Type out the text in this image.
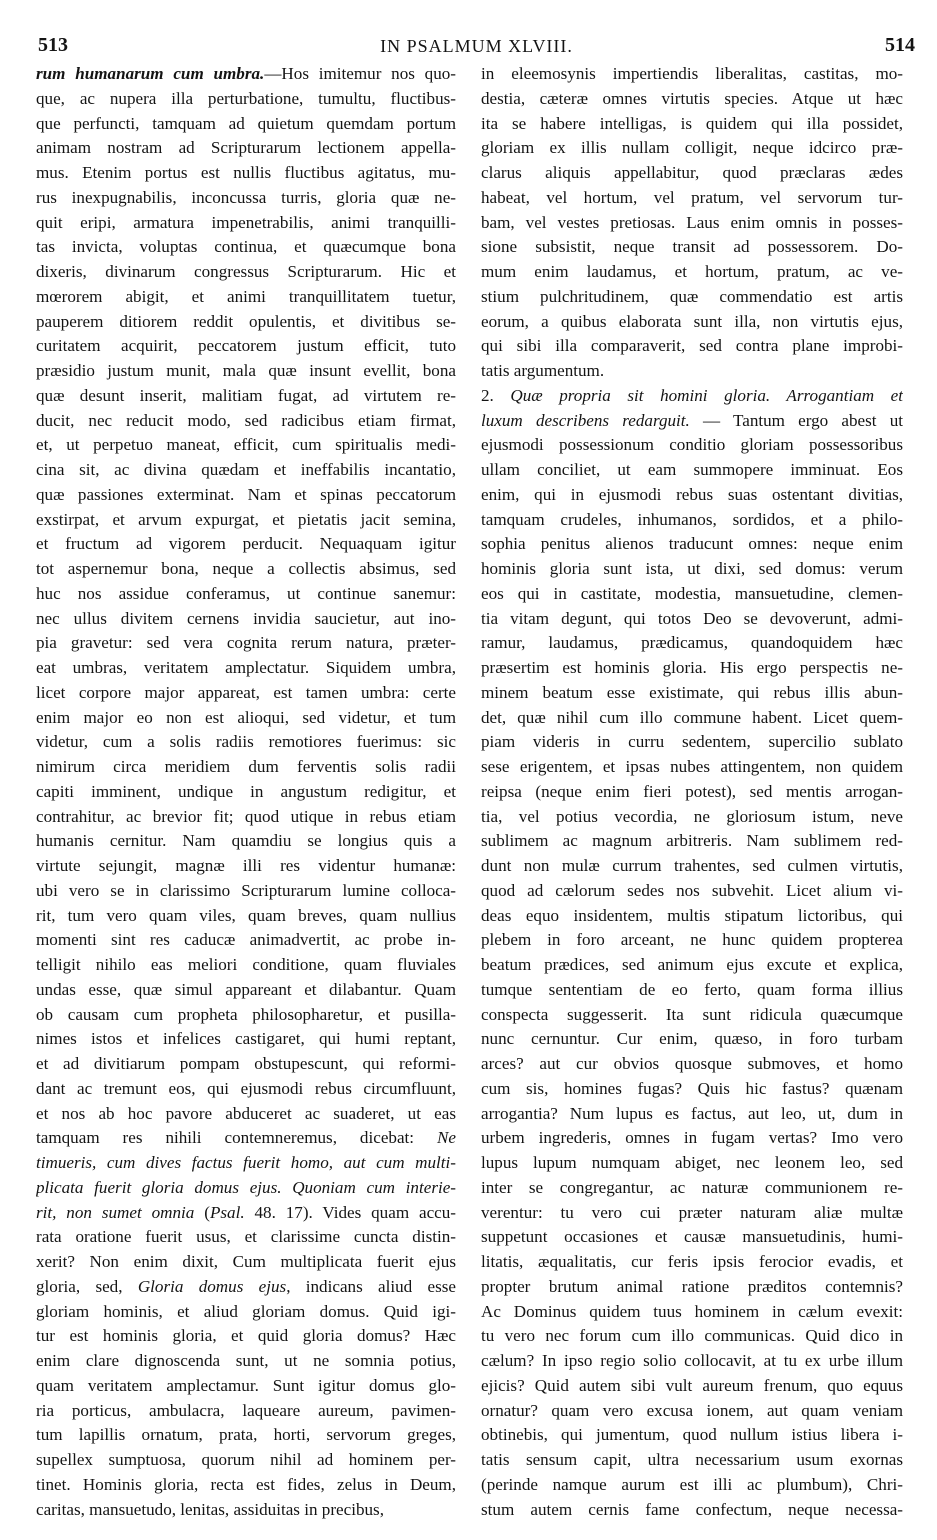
513	IN PSALMUM XLVIII.	514
rum humanarum cum umbra.—Hos imitemur nos quo-
que, ac nupera illa perturbatione, tumultu, fluctibus-
que perfuncti, tamquam ad quietum quemdam portum
animam nostram ad Scripturarum lectionem appella-
mus. Etenim portus est nullis fluctibus agitatus, mu-
rus inexpugnabilis, inconcussa turris, gloria quæ ne-
quit eripi, armatura impenetrabilis, animi tranquilli-
tas invicta, voluptas continua, et quæcumque bona
dixeris, divinarum congressus Scripturarum. Hic et
mœrorem abigit, et animi tranquillitatem tuetur,
pauperem ditiorem reddit opulentis, et divitibus se-
curitatem acquirit, peccatorem justum efficit, tuto
præsidio justum munit, mala quæ insunt evellit, bona
quæ desunt inserit, malitiam fugat, ad virtutem re-
ducit, nec reducit modo, sed radicibus etiam firmat,
et, ut perpetuo maneat, efficit, cum spiritualis medi-
cina sit, ac divina quædam et ineffabilis incantatio,
quæ passiones exterminat. Nam et spinas peccatorum
exstirpat, et arvum expurgat, et pietatis jacit semina,
et fructum ad vigorem perducit. Nequaquam igitur
tot aspernemur bona, neque a collectis absimus, sed
huc nos assidue conferamus, ut continue sanemur:
nec ullus divitem cernens invidia saucietur, aut ino-
pia gravetur: sed vera cognita rerum natura, præter-
eat umbras, veritatem amplectatur. Siquidem umbra,
licet corpore major appareat, est tamen umbra: certe
enim major eo non est alioqui, sed videtur, et tum
videtur, cum a solis radiis remotiores fuerimus: sic
nimirum circa meridiem dum ferventis solis radii
capiti imminent, undique in angustum redigitur, et
contrahitur, ac brevior fit; quod utique in rebus etiam
humanis cernitur. Nam quamdiu se longius quis a
virtute sejungit, magnæ illi res videntur humanæ:
ubi vero se in clarissimo Scripturarum lumine colloca-
rit, tum vero quam viles, quam breves, quam nullius
momenti sint res caducæ animadvertit, ac probe in-
telligit nihilo eas meliori conditione, quam fluviales
undas esse, quæ simul appareant et dilabantur. Quam
ob causam cum propheta philosopharetur, et pusilla-
nimes istos et infelices castigaret, qui humi reptant,
et ad divitiarum pompam obstupescunt, qui reformi-
dant ac tremunt eos, qui ejusmodi rebus circumfluunt,
et nos ab hoc pavore abduceret ac suaderet, ut eas
tamquam res nihili contemneremus, dicebat: Ne
timueris, cum dives factus fuerit homo, aut cum multi-
plicata fuerit gloria domus ejus. Quoniam cum interie-
rit, non sumet omnia (Psal. 48. 17). Vides quam accu-
rata oratione fuerit usus, et clarissime cuncta distin-
xerit? Non enim dixit, Cum multiplicata fuerit ejus
gloria, sed, Gloria domus ejus, indicans aliud esse
gloriam hominis, et aliud gloriam domus. Quid igi-
tur est hominis gloria, et quid gloria domus? Hæc
enim clare dignoscenda sunt, ut ne somnia potius,
quam veritatem amplectamur. Sunt igitur domus glo-
ria porticus, ambulacra, laqueare aureum, pavimen-
tum lapillis ornatum, prata, horti, servorum greges,
supellex sumptuosa, quorum nihil ad hominem per-
tinet. Hominis gloria, recta est fides, zelus in Deum,
caritas, mansuetudo, lenitas, assiduitas in precibus,
in eleemosynis impertiendis liberalitas, castitas, mo-
destia, cæteræ omnes virtutis species. Atque ut hæc
ita se habere intelligas, is quidem qui illa possidet,
gloriam ex illis nullam colligit, neque idcirco præ-
clarus aliquis appellabitur, quod præclaras ædes
habeat, vel hortum, vel pratum, vel servorum tur-
bam, vel vestes pretiosas. Laus enim omnis in posses-
sione subsistit, neque transit ad possessorem. Do-
mum enim laudamus, et hortum, pratum, ac ve-
stium pulchritudinem, quæ commendatio est artis
eorum, a quibus elaborata sunt illa, non virtutis ejus,
qui sibi illa comparaverit, sed contra plane improbi-
tatis argumentum.
2. Quæ propria sit homini gloria. Arrogantiam et
luxum describens redarguit. — Tantum ergo abest ut
ejusmodi possessionum conditio gloriam possessoribus
ullam conciliet, ut eam summopere imminuat. Eos
enim, qui in ejusmodi rebus suas ostentant divitias,
tamquam crudeles, inhumanos, sordidos, et a philo-
sophia penitus alienos traducunt omnes: neque enim
hominis gloria sunt ista, ut dixi, sed domus: verum
eos qui in castitate, modestia, mansuetudine, clemen-
tia vitam degunt, qui totos Deo se devoverunt, admi-
ramur, laudamus, prædicamus, quandoquidem hæc
præsertim est hominis gloria. His ergo perspectis ne-
minem beatum esse existimate, qui rebus illis abun-
det, quæ nihil cum illo commune habent. Licet quem-
piam videris in curru sedentem, supercilio sublato
sese erigentem, et ipsas nubes attingentem, non quidem
reipsa (neque enim fieri potest), sed mentis arrogan-
tia, vel potius vecordia, ne gloriosum istum, neve
sublimem ac magnum arbitreris. Nam sublimem red-
dunt non mulæ currum trahentes, sed culmen virtutis,
quod ad cælorum sedes nos subvehit. Licet alium vi-
deas equo insidentem, multis stipatum lictoribus, qui
plebem in foro arceant, ne hunc quidem propterea
beatum prædices, sed animum ejus excute et explica,
tumque sententiam de eo ferto, quam forma illius
conspecta suggesserit. Ita sunt ridicula quæcumque
nunc cernuntur. Cur enim, quæso, in foro turbam
arces? aut cur obvios quosque submoves, et homo
cum sis, homines fugas? Quis hic fastus? quænam
arrogantia? Num lupus es factus, aut leo, ut, dum in
urbem ingrederis, omnes in fugam vertas? Imo vero
lupus lupum numquam abiget, nec leonem leo, sed
inter se congregantur, ac naturæ communionem re-
verentur: tu vero cui præter naturam aliæ multæ
suppetunt occasiones et causæ mansuetudinis, humi-
litatis, æqualitatis, cur feris ipsis ferocior evadis, et
propter brutum animal ratione præditos contemnis?
Ac Dominus quidem tuus hominem in cælum evexit:
tu vero nec forum cum illo communicas. Quid dico in
cælum? In ipso regio solio collocavit, at tu ex urbe illum
ejicis? Quid autem sibi vult aureum frenum, quo equus
ornatur? quam vero excusa ionem, aut quam veniam
obtinebis, qui jumentum, quod nullum istius libera i-
tatis sensum capit, ultra necessarium usum exornas
(perinde namque aurum est illi ac plumbum), Chri-
stum autem cernis fame confectum, neque necessa-
